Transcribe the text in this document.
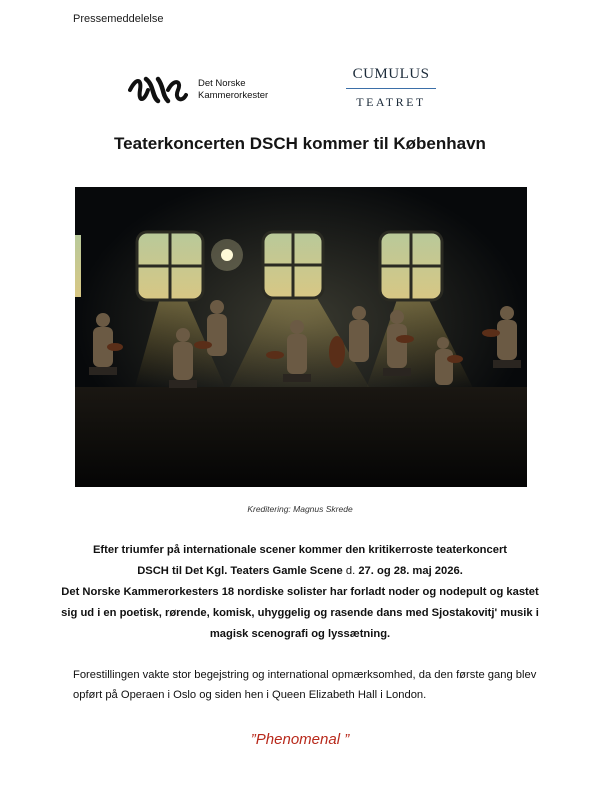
Pressemeddelelse
Det Norske
Kammerorkester
CUMULUS
TEATRET
Teaterkoncerten DSCH kommer til København
Kreditering: Magnus Skrede

Efter triumfer på internationale scener kommer den kritikerroste teaterkoncert

DSCH til Det Kgl. Teaters Gamle Scene d. 27. og 28. maj 2026.

Det Norske Kammerorkesters 18 nordiske solister har forladt noder og nodepult og kastet sig ud i en poetisk, rørende, komisk, uhyggelig og rasende dans med Sjostakovitj' musik i magisk scenografi og lyssætning.

Forestillingen vakte stor begejstring og international opmærksomhed, da den første gang blev opført på Operaen i Oslo og siden hen i Queen Elizabeth Hall i London.
”Phenomenal ”
